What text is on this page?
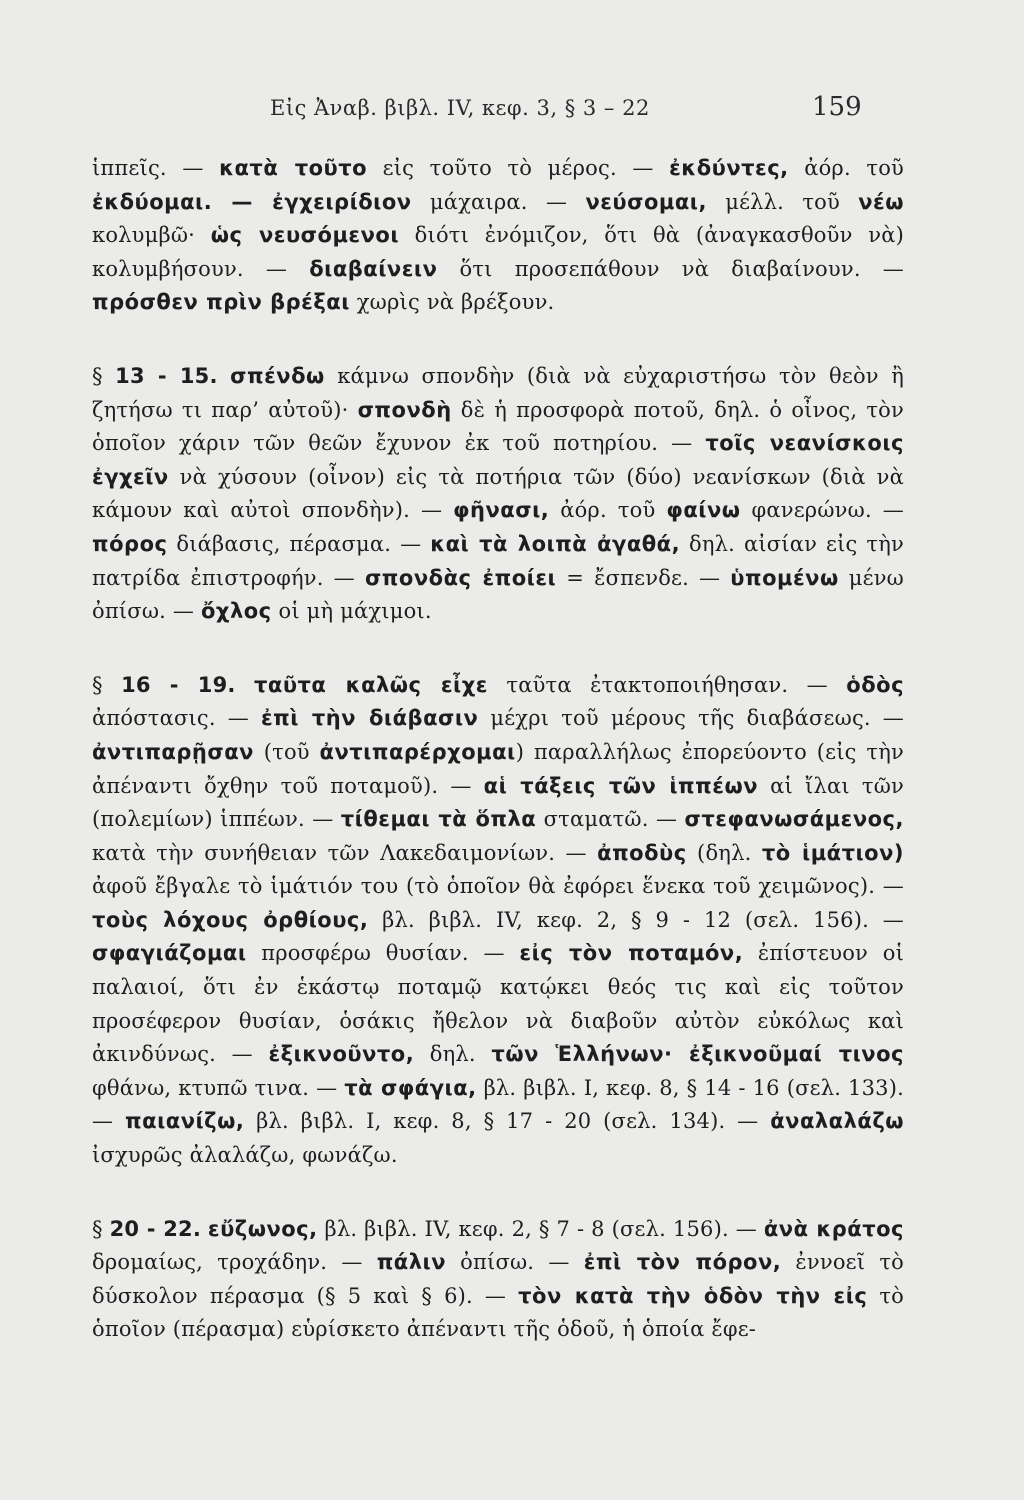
Εἰς Ἀναβ. βιβλ. IV, κεφ. 3, § 3 – 22	159

ἱππεῖς. — κατὰ τοῦτο εἰς τοῦτο τὸ μέρος. — ἐκδύντες, ἀόρ. τοῦ ἐκδύομαι. — ἐγχειρίδιον μάχαιρα. — νεύσομαι, μέλλ. τοῦ νέω κολυμβῶ· ὡς νευσόμενοι διότι ἐνόμιζον, ὅτι θὰ (ἀναγκασθοῦν νὰ) κολυμβήσουν. — διαβαίνειν ὅτι προσεπάθουν νὰ διαβαίνουν. — πρόσθεν πρὶν βρέξαι χωρὶς νὰ βρέξουν.

§ 13 - 15. σπένδω κάμνω σπονδὴν (διὰ νὰ εὐχαριστήσω τὸν θεὸν ἢ ζητήσω τι παρ’ αὐτοῦ)· σπονδὴ δὲ ἡ προσφορὰ ποτοῦ, δηλ. ὁ οἶνος, τὸν ὁποῖον χάριν τῶν θεῶν ἔχυνον ἐκ τοῦ ποτηρίου. — τοῖς νεανίσκοις ἐγχεῖν νὰ χύσουν (οἶνον) εἰς τὰ ποτήρια τῶν (δύο) νεανίσκων (διὰ νὰ κάμουν καὶ αὐτοὶ σπονδὴν). — φῆνασι, ἀόρ. τοῦ φαίνω φανερώνω. — πόρος διάβασις, πέρασμα. — καὶ τὰ λοιπὰ ἀγαθά, δηλ. αἰσίαν εἰς τὴν πατρίδα ἐπιστροφήν. — σπονδὰς ἐποίει = ἔσπενδε. — ὑπομένω μένω ὀπίσω. — ὄχλος οἱ μὴ μάχιμοι.

§ 16 - 19. ταῦτα καλῶς εἶχε ταῦτα ἐτακτοποιήθησαν. — ὁδὸς ἀπόστασις. — ἐπὶ τὴν διάβασιν μέχρι τοῦ μέρους τῆς διαβάσεως. — ἀντιπαρῇσαν (τοῦ ἀντιπαρέρχομαι) παραλλήλως ἐπορεύοντο (εἰς τὴν ἀπέναντι ὄχθην τοῦ ποταμοῦ). — αἱ τάξεις τῶν ἱππέων αἱ ἴλαι τῶν (πολεμίων) ἱππέων. — τίθεμαι τὰ ὅπλα σταματῶ. — στεφανωσάμενος, κατὰ τὴν συνήθειαν τῶν Λακεδαιμονίων. — ἀποδὺς (δηλ. τὸ ἱμάτιον) ἀφοῦ ἔβγαλε τὸ ἱμάτιόν του (τὸ ὁποῖον θὰ ἐφόρει ἕνεκα τοῦ χειμῶνος). — τοὺς λόχους ὀρθίους, βλ. βιβλ. IV, κεφ. 2, § 9 - 12 (σελ. 156). — σφαγιάζομαι προσφέρω θυσίαν. — εἰς τὸν ποταμόν, ἐπίστευον οἱ παλαιοί, ὅτι ἐν ἑκάστῳ ποταμῷ κατῴκει θεός τις καὶ εἰς τοῦτον προσέφερον θυσίαν, ὁσάκις ἤθελον νὰ διαβοῦν αὐτὸν εὐκόλως καὶ ἀκινδύνως. — ἐξικνοῦντο, δηλ. τῶν Ἑλλήνων· ἐξικνοῦμαί τινος φθάνω, κτυπῶ τινα. — τὰ σφάγια, βλ. βιβλ. I, κεφ. 8, § 14 - 16 (σελ. 133). — παιανίζω, βλ. βιβλ. I, κεφ. 8, § 17 - 20 (σελ. 134). — ἀναλαλάζω ἰσχυρῶς ἀλαλάζω, φωνάζω.

§ 20 - 22. εὔζωνος, βλ. βιβλ. IV, κεφ. 2, § 7 - 8 (σελ. 156). — ἀνὰ κράτος δρομαίως, τροχάδην. — πάλιν ὀπίσω. — ἐπὶ τὸν πόρον, ἐννοεῖ τὸ δύσκολον πέρασμα (§ 5 καὶ § 6). — τὸν κατὰ τὴν ὁδὸν τὴν εἰς τὸ ὁποῖον (πέρασμα) εὑρίσκετο ἀπέναντι τῆς ὁδοῦ, ἡ ὁποία ἔφε-
